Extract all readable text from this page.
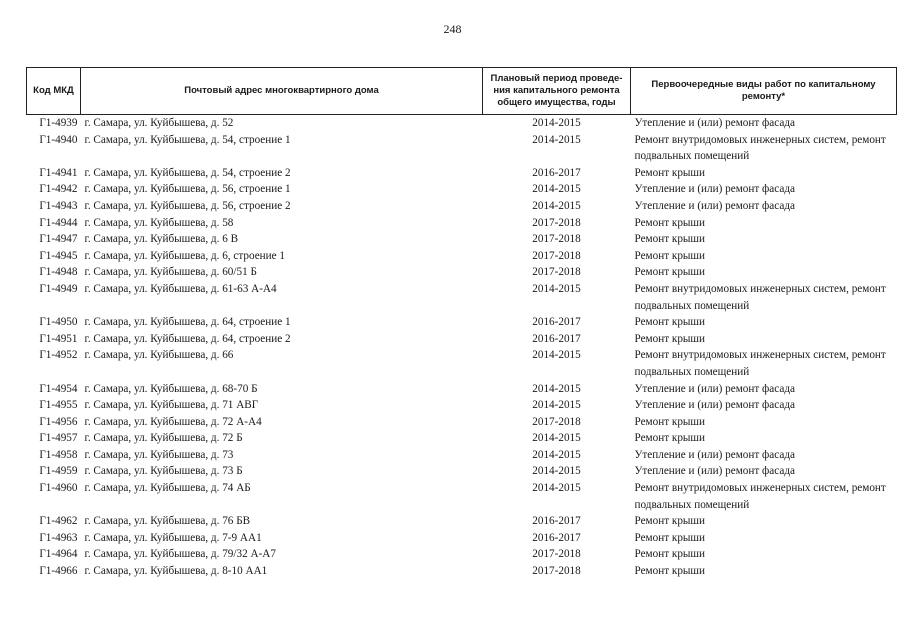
248
Код МКД	Почтовый адрес многоквартирного дома	Плановый период проведе-ния капитального ремонта общего имущества, годы	Первоочередные виды работ по капитальному ремонту*
Г1-4939	г. Самара, ул. Куйбышева, д. 52	2014-2015	Утепление и (или) ремонт фасада
Г1-4940	г. Самара, ул. Куйбышева, д. 54, строение 1	2014-2015	Ремонт внутридомовых инженерных систем, ремонт подвальных помещений
Г1-4941	г. Самара, ул. Куйбышева, д. 54, строение 2	2016-2017	Ремонт крыши
Г1-4942	г. Самара, ул. Куйбышева, д. 56, строение 1	2014-2015	Утепление и (или) ремонт фасада
Г1-4943	г. Самара, ул. Куйбышева, д. 56, строение 2	2014-2015	Утепление и (или) ремонт фасада
Г1-4944	г. Самара, ул. Куйбышева, д. 58	2017-2018	Ремонт крыши
Г1-4947	г. Самара, ул. Куйбышева, д. 6 В	2017-2018	Ремонт крыши
Г1-4945	г. Самара, ул. Куйбышева, д. 6, строение 1	2017-2018	Ремонт крыши
Г1-4948	г. Самара, ул. Куйбышева, д. 60/51 Б	2017-2018	Ремонт крыши
Г1-4949	г. Самара, ул. Куйбышева, д. 61-63 А-А4	2014-2015	Ремонт внутридомовых инженерных систем, ремонт подвальных помещений
Г1-4950	г. Самара, ул. Куйбышева, д. 64, строение 1	2016-2017	Ремонт крыши
Г1-4951	г. Самара, ул. Куйбышева, д. 64, строение 2	2016-2017	Ремонт крыши
Г1-4952	г. Самара, ул. Куйбышева, д. 66	2014-2015	Ремонт внутридомовых инженерных систем, ремонт подвальных помещений
Г1-4954	г. Самара, ул. Куйбышева, д. 68-70 Б	2014-2015	Утепление и (или) ремонт фасада
Г1-4955	г. Самара, ул. Куйбышева, д. 71 АВГ	2014-2015	Утепление и (или) ремонт фасада
Г1-4956	г. Самара, ул. Куйбышева, д. 72 А-А4	2017-2018	Ремонт крыши
Г1-4957	г. Самара, ул. Куйбышева, д. 72 Б	2014-2015	Ремонт крыши
Г1-4958	г. Самара, ул. Куйбышева, д. 73	2014-2015	Утепление и (или) ремонт фасада
Г1-4959	г. Самара, ул. Куйбышева, д. 73 Б	2014-2015	Утепление и (или) ремонт фасада
Г1-4960	г. Самара, ул. Куйбышева, д. 74 АБ	2014-2015	Ремонт внутридомовых инженерных систем, ремонт подвальных помещений
Г1-4962	г. Самара, ул. Куйбышева, д. 76 БВ	2016-2017	Ремонт крыши
Г1-4963	г. Самара, ул. Куйбышева, д. 7-9 АА1	2016-2017	Ремонт крыши
Г1-4964	г. Самара, ул. Куйбышева, д. 79/32 А-А7	2017-2018	Ремонт крыши
Г1-4966	г. Самара, ул. Куйбышева, д. 8-10 АА1	2017-2018	Ремонт крыши
